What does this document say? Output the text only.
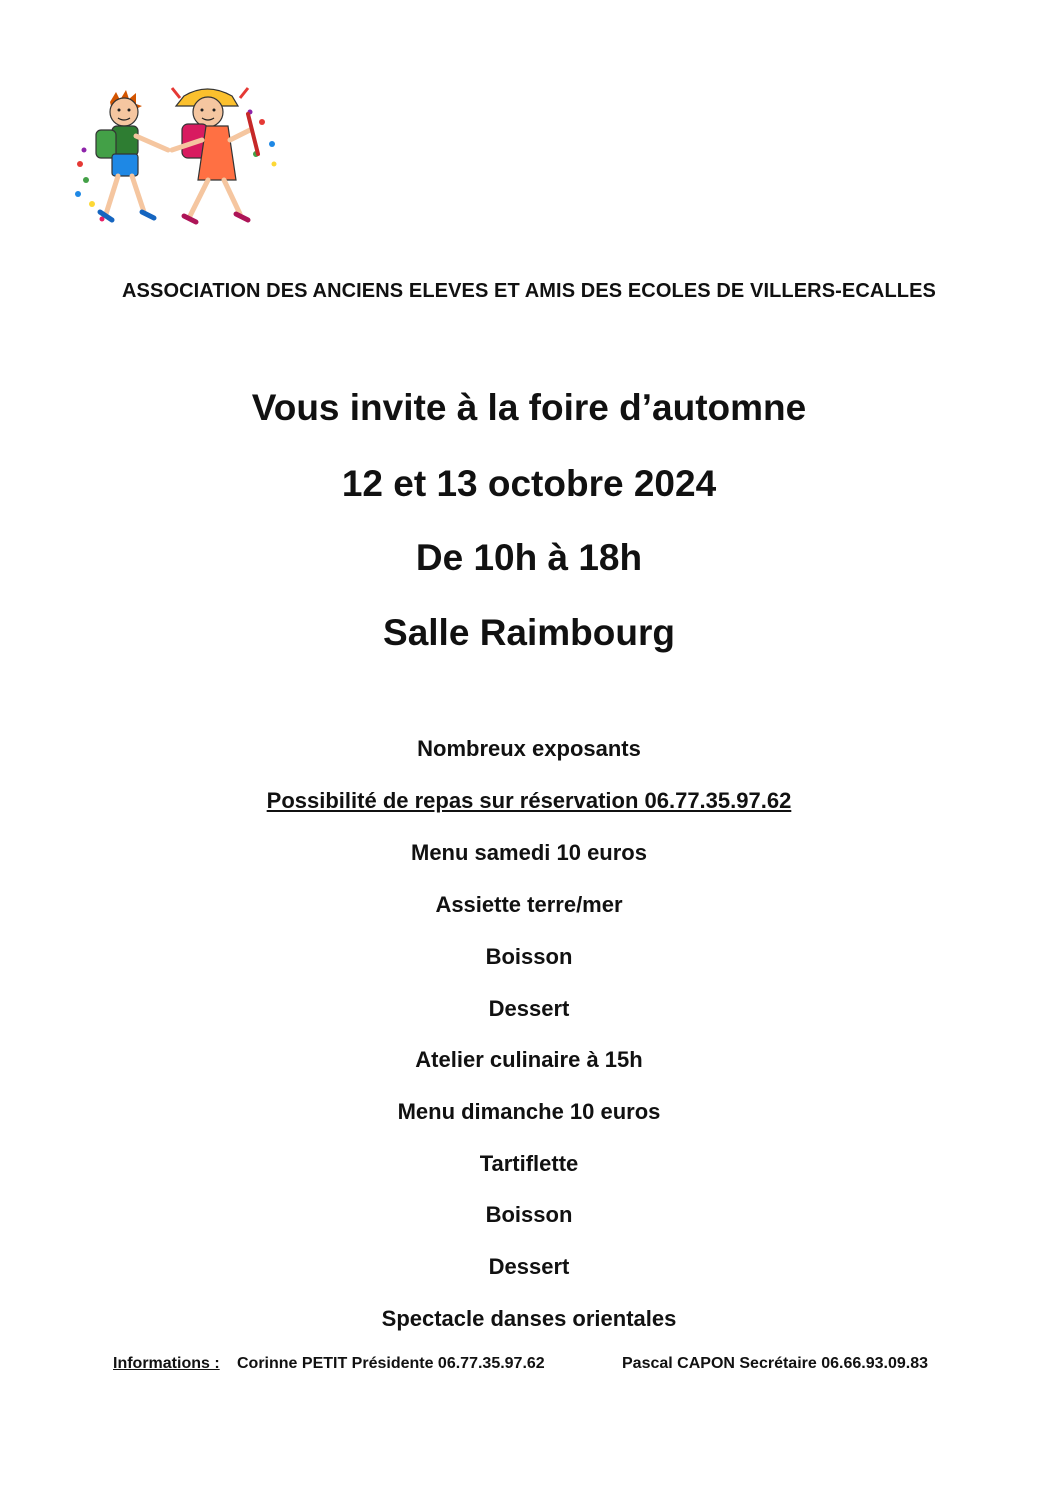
ASSOCIATION DES ANCIENS ELEVES ET AMIS DES ECOLES DE VILLERS-ECALLES
Vous invite à la foire d’automne
12 et 13 octobre 2024
De 10h à 18h
Salle Raimbourg
Nombreux exposants
Possibilité de repas sur réservation 06.77.35.97.62
Menu samedi 10 euros
Assiette terre/mer
Boisson
Dessert
Atelier culinaire à 15h
Menu dimanche 10 euros
Tartiflette
Boisson
Dessert
Spectacle danses orientales
Informations : Corinne PETIT Présidente 06.77.35.97.62	Pascal CAPON Secrétaire 06.66.93.09.83
